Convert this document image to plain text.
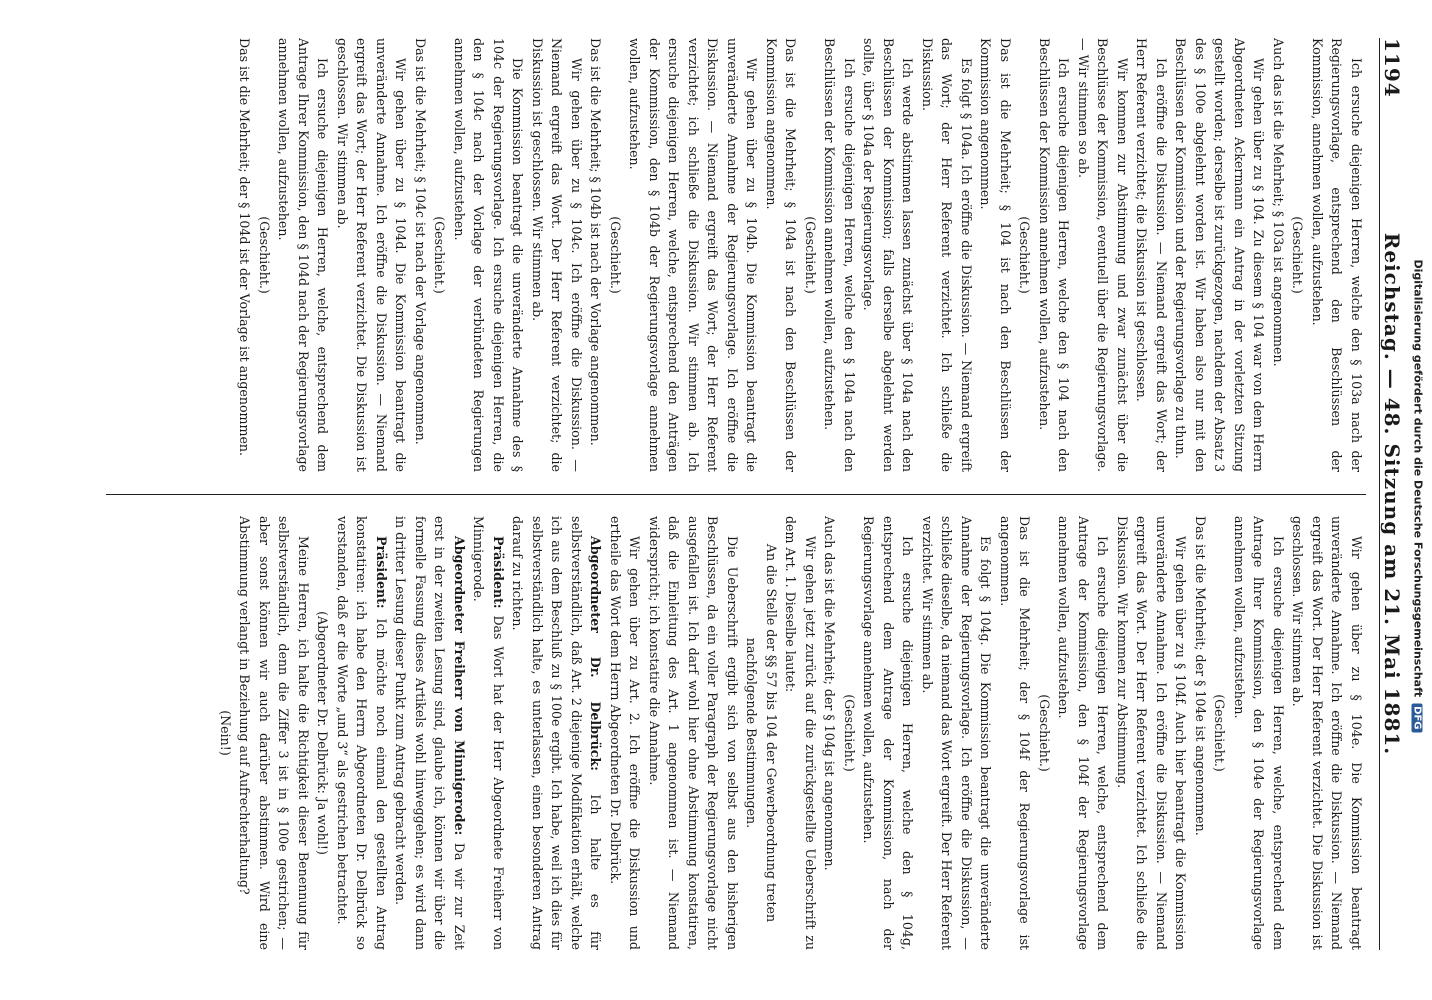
1194
Reichstag. — 48. Sitzung am 21. Mai 1881.

Ich ersuche diejenigen Herren, welche den § 103a nach der Regierungsvorlage, entsprechend den Beschlüssen der Kommission, annehmen wollen, aufzustehen.

(Geschieht.)

Auch das ist die Mehrheit; § 103a ist angenommen.

Wir gehen über zu § 104. Zu diesem § 104 war von dem Herrn Abgeordneten Ackermann ein Antrag in der vorletzten Sitzung gestellt worden; derselbe ist zurückgezogen, nachdem der Absatz 3 des § 100e abgelehnt worden ist. Wir haben also nur mit den Beschlüssen der Kommission und der Regierungsvorlage zu thun.

Ich eröffne die Diskussion. — Niemand ergreift das Wort; der Herr Referent verzichtet; die Diskussion ist geschlossen.

Wir kommen zur Abstimmung und zwar zunächst über die Beschlüsse der Kommission, eventuell über die Regierungsvorlage. — Wir stimmen so ab.

Ich ersuche diejenigen Herren, welche den § 104 nach den Beschlüssen der Kommission annehmen wollen, aufzustehen.

(Geschieht.)

Das ist die Mehrheit; § 104 ist nach den Beschlüssen der Kommission angenommen.

Es folgt § 104a. Ich eröffne die Diskussion. — Niemand ergreift das Wort; der Herr Referent verzichtet. Ich schließe die Diskussion.

Ich werde abstimmen lassen zunächst über § 104a nach den Beschlüssen der Kommission; falls derselbe abgelehnt werden sollte, über § 104a der Regierungsvorlage.

Ich ersuche diejenigen Herren, welche den § 104a nach den Beschlüssen der Kommission annehmen wollen, aufzustehen.

(Geschieht.)

Das ist die Mehrheit; § 104a ist nach den Beschlüssen der Kommission angenommen.

Wir gehen über zu § 104b. Die Kommission beantragt die unveränderte Annahme der Regierungsvorlage. Ich eröffne die Diskussion. — Niemand ergreift das Wort; der Herr Referent verzichtet; ich schließe die Diskussion. Wir stimmen ab. Ich ersuche diejenigen Herren, welche, entsprechend den Anträgen der Kommission, den § 104b der Regierungsvorlage annehmen wollen, aufzustehen.

(Geschieht.)

Das ist die Mehrheit; § 104b ist nach der Vorlage angenommen.

Wir gehen über zu § 104c. Ich eröffne die Diskussion. — Niemand ergreift das Wort. Der Herr Referent verzichtet; die Diskussion ist geschlossen. Wir stimmen ab.

Die Kommission beantragt die unveränderte Annahme des § 104c der Regierungsvorlage. Ich ersuche diejenigen Herren, die den § 104c nach der Vorlage der verbündeten Regierungen annehmen wollen, aufzustehen.

(Geschieht.)

Das ist die Mehrheit; § 104c ist nach der Vorlage angenommen.

Wir gehen über zu § 104d. Die Kommission beantragt die unveränderte Annahme. Ich eröffne die Diskussion. — Niemand ergreift das Wort; der Herr Referent verzichtet. Die Diskussion ist geschlossen. Wir stimmen ab.

Ich ersuche diejenigen Herren, welche, entsprechend dem Antrage Ihrer Kommission, den § 104d nach der Regierungsvorlage annehmen wollen, aufzustehen.

(Geschieht.)

Das ist die Mehrheit; der § 104d ist der Vorlage ist angenommen.

Wir gehen über zu § 104e. Die Kommission beantragt unveränderte Annahme. Ich eröffne die Diskussion. — Niemand ergreift das Wort. Der Herr Referent verzichtet. Die Diskussion ist geschlossen. Wir stimmen ab.

Ich ersuche diejenigen Herren, welche, entsprechend dem Antrage Ihrer Kommission, den § 104e der Regierungsvorlage annehmen wollen, aufzustehen.

(Geschieht.)

Das ist die Mehrheit; der § 104e ist angenommen.

Wir gehen über zu § 104f. Auch hier beantragt die Kommission unveränderte Annahme. Ich eröffne die Diskussion. — Niemand ergreift das Wort. Der Herr Referent verzichtet. Ich schließe die Diskussion. Wir kommen zur Abstimmung.

Ich ersuche diejenigen Herren, welche, entsprechend dem Antrage der Kommission, den § 104f der Regierungsvorlage annehmen wollen, aufzustehen.

(Geschieht.)

Das ist die Mehrheit; der § 104f der Regierungsvorlage ist angenommen.

Es folgt § 104g. Die Kommission beantragt die unveränderte Annahme der Regierungsvorlage. Ich eröffne die Diskussion, — schließe dieselbe, da niemand das Wort ergreift. Der Herr Referent verzichtet. Wir stimmen ab.

Ich ersuche diejenigen Herren, welche den § 104g, entsprechend dem Antrage der Kommission, nach der Regierungsvorlage annehmen wollen, aufzustehen.

(Geschieht.)

Auch das ist die Mehrheit; der § 104g ist angenommen.

Wir gehen jetzt zurück auf die zurückgestellte Ueberschrift zu dem Art. 1. Dieselbe lautet:

An die Stelle der §§ 57 bis 104 der Gewerbeordnung treten nachfolgende Bestimmungen.

Die Ueberschrift ergibt sich von selbst aus den bisherigen Beschlüssen, da ein voller Paragraph der Regierungsvorlage nicht ausgefallen ist. Ich darf wohl hier ohne Abstimmung konstatiren, daß die Einleitung des Art. 1 angenommen ist. — Niemand widerspricht; ich konstatire die Annahme.

Wir gehen über zu Art. 2. Ich eröffne die Diskussion und ertheile das Wort dem Herrn Abgeordneten Dr. Delbrück.

Abgeordneter Dr. Delbrück: Ich halte es für selbstverständlich, daß Art. 2 diejenige Modifikation erhält, welche ich aus dem Beschluß zu § 100e ergibt. Ich habe, weil ich dies für selbstverständlich halte, es unterlassen, einen besonderen Antrag darauf zu richten.

Präsident: Das Wort hat der Herr Abgeordnete Freiherr von Minnigerode.

Abgeordneter Freiherr von Minnigerode: Da wir zur Zeit erst in der zweiten Lesung sind, glaube ich, können wir über die formelle Fassung dieses Artikels wohl hinweggehen; es wird dann in dritter Lesung dieser Punkt zum Antrag gebracht werden.

Präsident: Ich möchte noch einmal den gestellten Antrag konstatiren: ich habe den Herrn Abgeordneten Dr. Delbrück so verstanden, daß er die Worte „und 3“ als gestrichen betrachtet.

(Abgeordneter Dr. Delbrück: Ja wohl!)

Meine Herren, ich halte die Richtigkeit dieser Benennung für selbstverständlich, denn die Ziffer 3 ist in § 100e gestrichen; — aber sonst können wir auch darüber abstimmen. Wird eine Abstimmung verlangt in Beziehung auf Aufrechterhaltung?

(Nein!)

Digitalisierung gefördert durch die Deutsche ForschungsgemeinschaftDFG
